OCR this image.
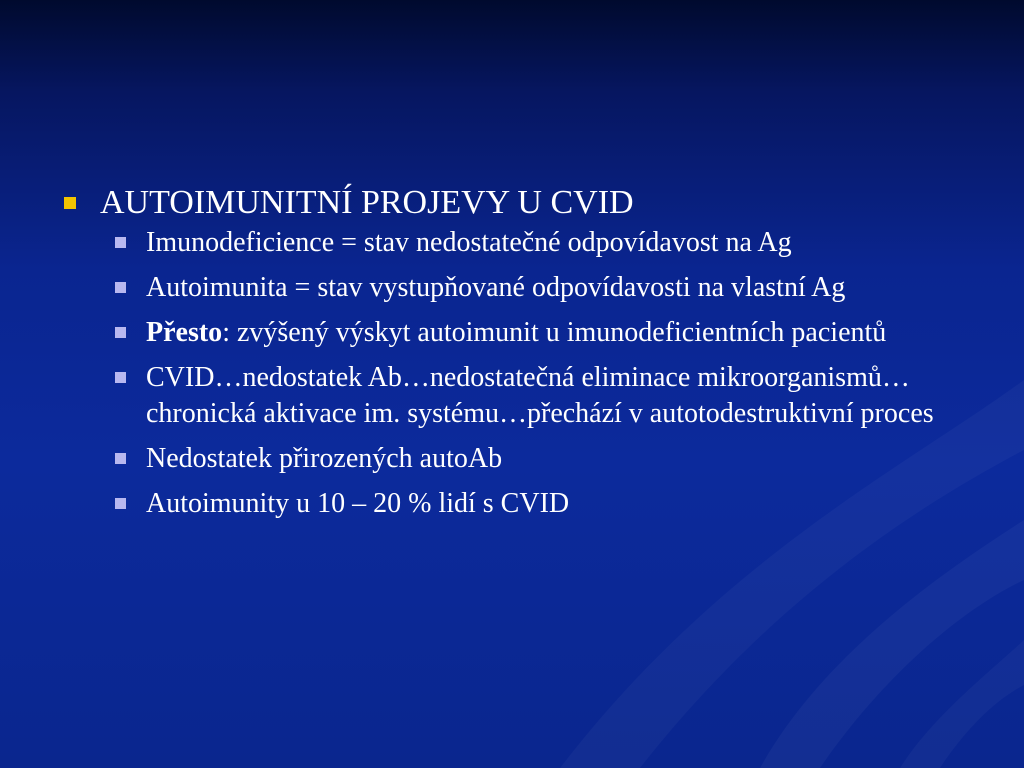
AUTOIMUNITNÍ PROJEVY U CVID
Imunodeficience = stav nedostatečné odpovídavost na Ag
Autoimunita = stav vystupňované odpovídavosti na vlastní Ag
Přesto: zvýšený výskyt autoimunit u imunodeficientních pacientů
CVID…nedostatek Ab…nedostatečná eliminace mikroorganismů…chronická aktivace im. systému…přechází v autotodestruktivní proces
Nedostatek přirozených autoAb
Autoimunity u 10 – 20 % lidí s CVID
